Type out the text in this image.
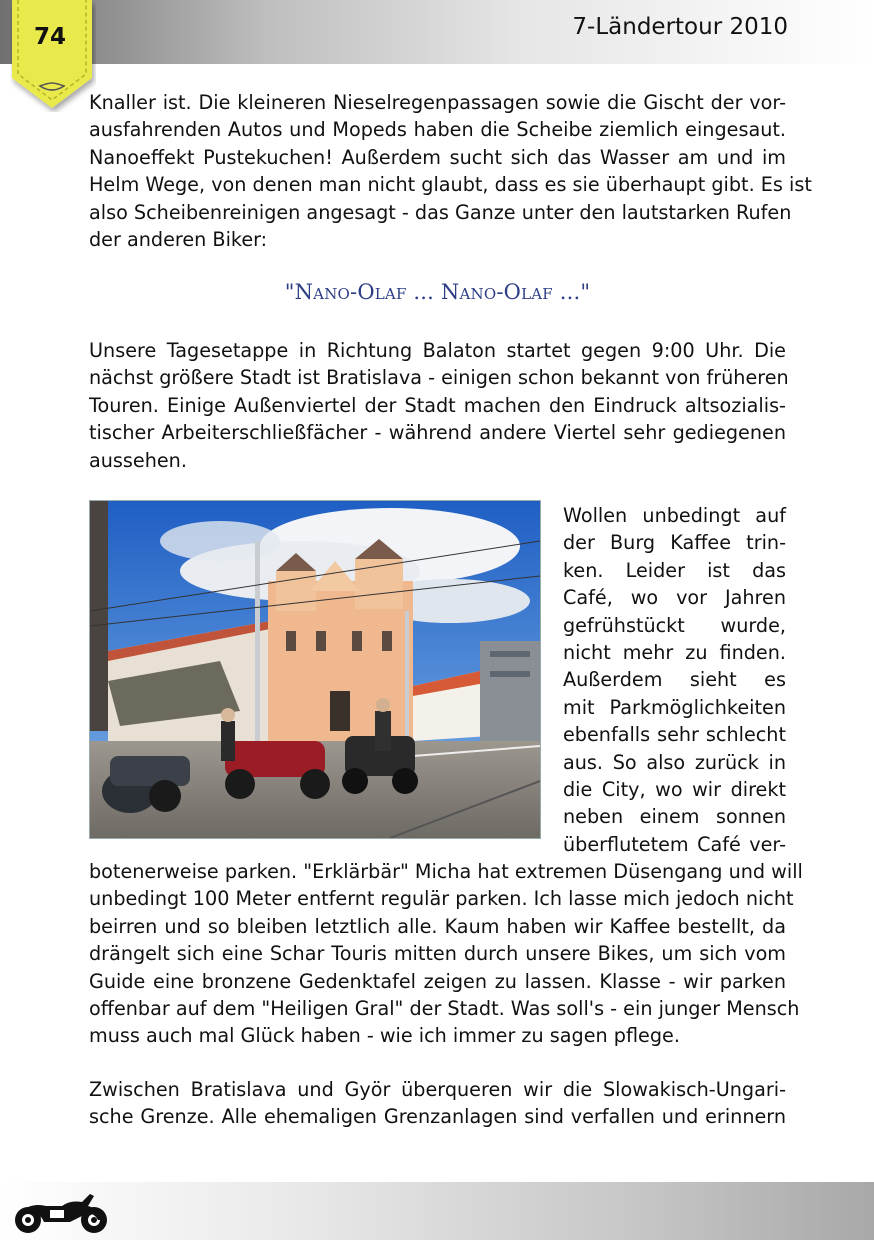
7-Ländertour 2010
74
Knaller ist. Die kleineren Nieselregenpassagen sowie die Gischt der vor-
ausfahrenden Autos und Mopeds haben die Scheibe ziemlich eingesaut.
Nanoeffekt Pustekuchen! Außerdem sucht sich das Wasser am und im
Helm Wege, von denen man nicht glaubt, dass es sie überhaupt gibt. Es ist
also Scheibenreinigen angesagt - das Ganze unter den lautstarken Rufen
der anderen Biker:
"Nano-Olaf ... Nano-Olaf ..."
Unsere Tagesetappe in Richtung Balaton startet gegen 9:00 Uhr. Die
nächst größere Stadt ist Bratislava - einigen schon bekannt von früheren
Touren. Einige Außenviertel der Stadt machen den Eindruck altsozialis-
tischer Arbeiterschließfächer - während andere Viertel sehr gediegenen
aussehen.
Wollen unbedingt auf
der Burg Kaffee trin-
ken. Leider ist das
Café, wo vor Jahren
gefrühstückt wurde,
nicht mehr zu finden.
Außerdem sieht es
mit Parkmöglichkeiten
ebenfalls sehr schlecht
aus. So also zurück in
die City, wo wir direkt
neben einem sonnen
überflutetem Café ver-
botenerweise parken. "Erklärbär" Micha hat extremen Düsengang und will
unbedingt 100 Meter entfernt regulär parken. Ich lasse mich jedoch nicht
beirren und so bleiben letztlich alle. Kaum haben wir Kaffee bestellt, da
drängelt sich eine Schar Touris mitten durch unsere Bikes, um sich vom
Guide eine bronzene Gedenktafel zeigen zu lassen. Klasse - wir parken
offenbar auf dem "Heiligen Gral" der Stadt. Was soll's - ein junger Mensch
muss auch mal Glück haben - wie ich immer zu sagen pflege.
Zwischen Bratislava und Györ überqueren wir die Slowakisch-Ungari-
sche Grenze. Alle ehemaligen Grenzanlagen sind verfallen und erinnern
